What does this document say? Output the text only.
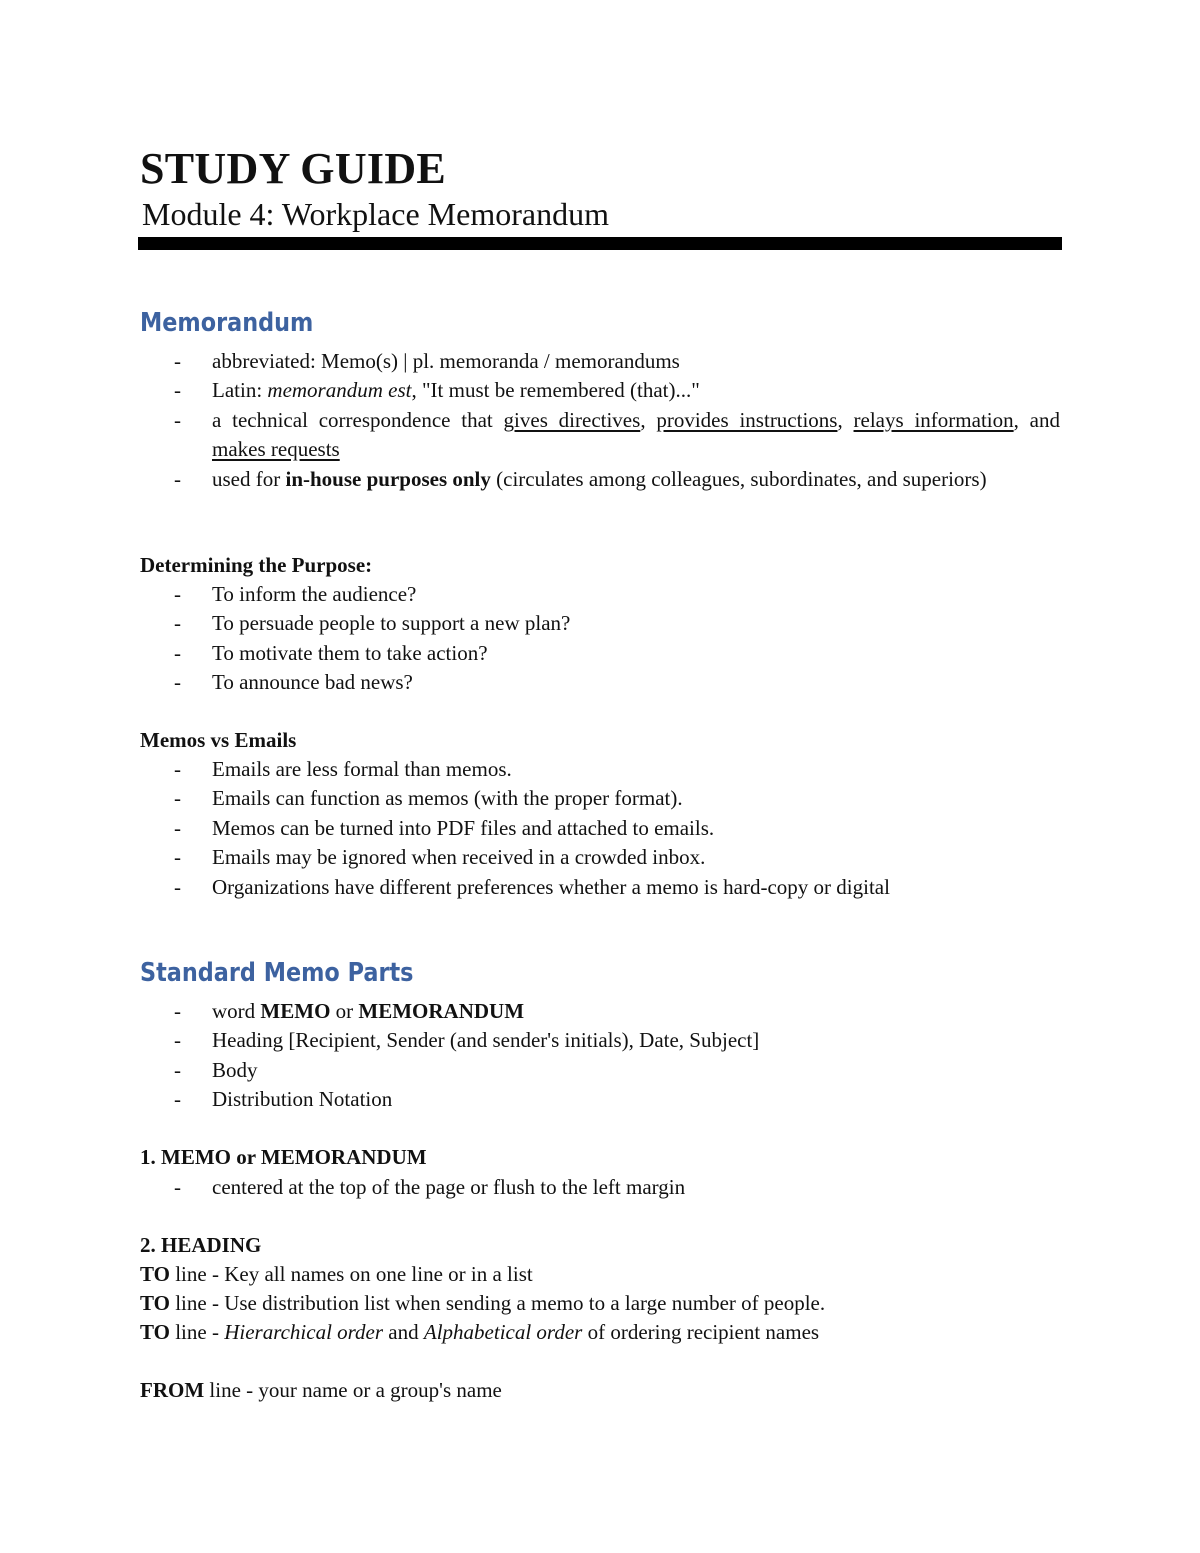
STUDY GUIDE
Module 4: Workplace Memorandum
Memorandum
- abbreviated: Memo(s) | pl. memoranda / memorandums
- Latin: memorandum est, "It must be remembered (that)..."
- a technical correspondence that gives directives, provides instructions, relays information, and makes requests
- used for in-house purposes only (circulates among colleagues, subordinates, and superiors)
Determining the Purpose:
- To inform the audience?
- To persuade people to support a new plan?
- To motivate them to take action?
- To announce bad news?
Memos vs Emails
- Emails are less formal than memos.
- Emails can function as memos (with the proper format).
- Memos can be turned into PDF files and attached to emails.
- Emails may be ignored when received in a crowded inbox.
- Organizations have different preferences whether a memo is hard-copy or digital
Standard Memo Parts
- word MEMO or MEMORANDUM
- Heading [Recipient, Sender (and sender's initials), Date, Subject]
- Body
- Distribution Notation
1. MEMO or MEMORANDUM
- centered at the top of the page or flush to the left margin
2. HEADING

TO line - Key all names on one line or in a list

TO line - Use distribution list when sending a memo to a large number of people.

TO line - Hierarchical order and Alphabetical order of ordering recipient names

FROM line - your name or a group's name
